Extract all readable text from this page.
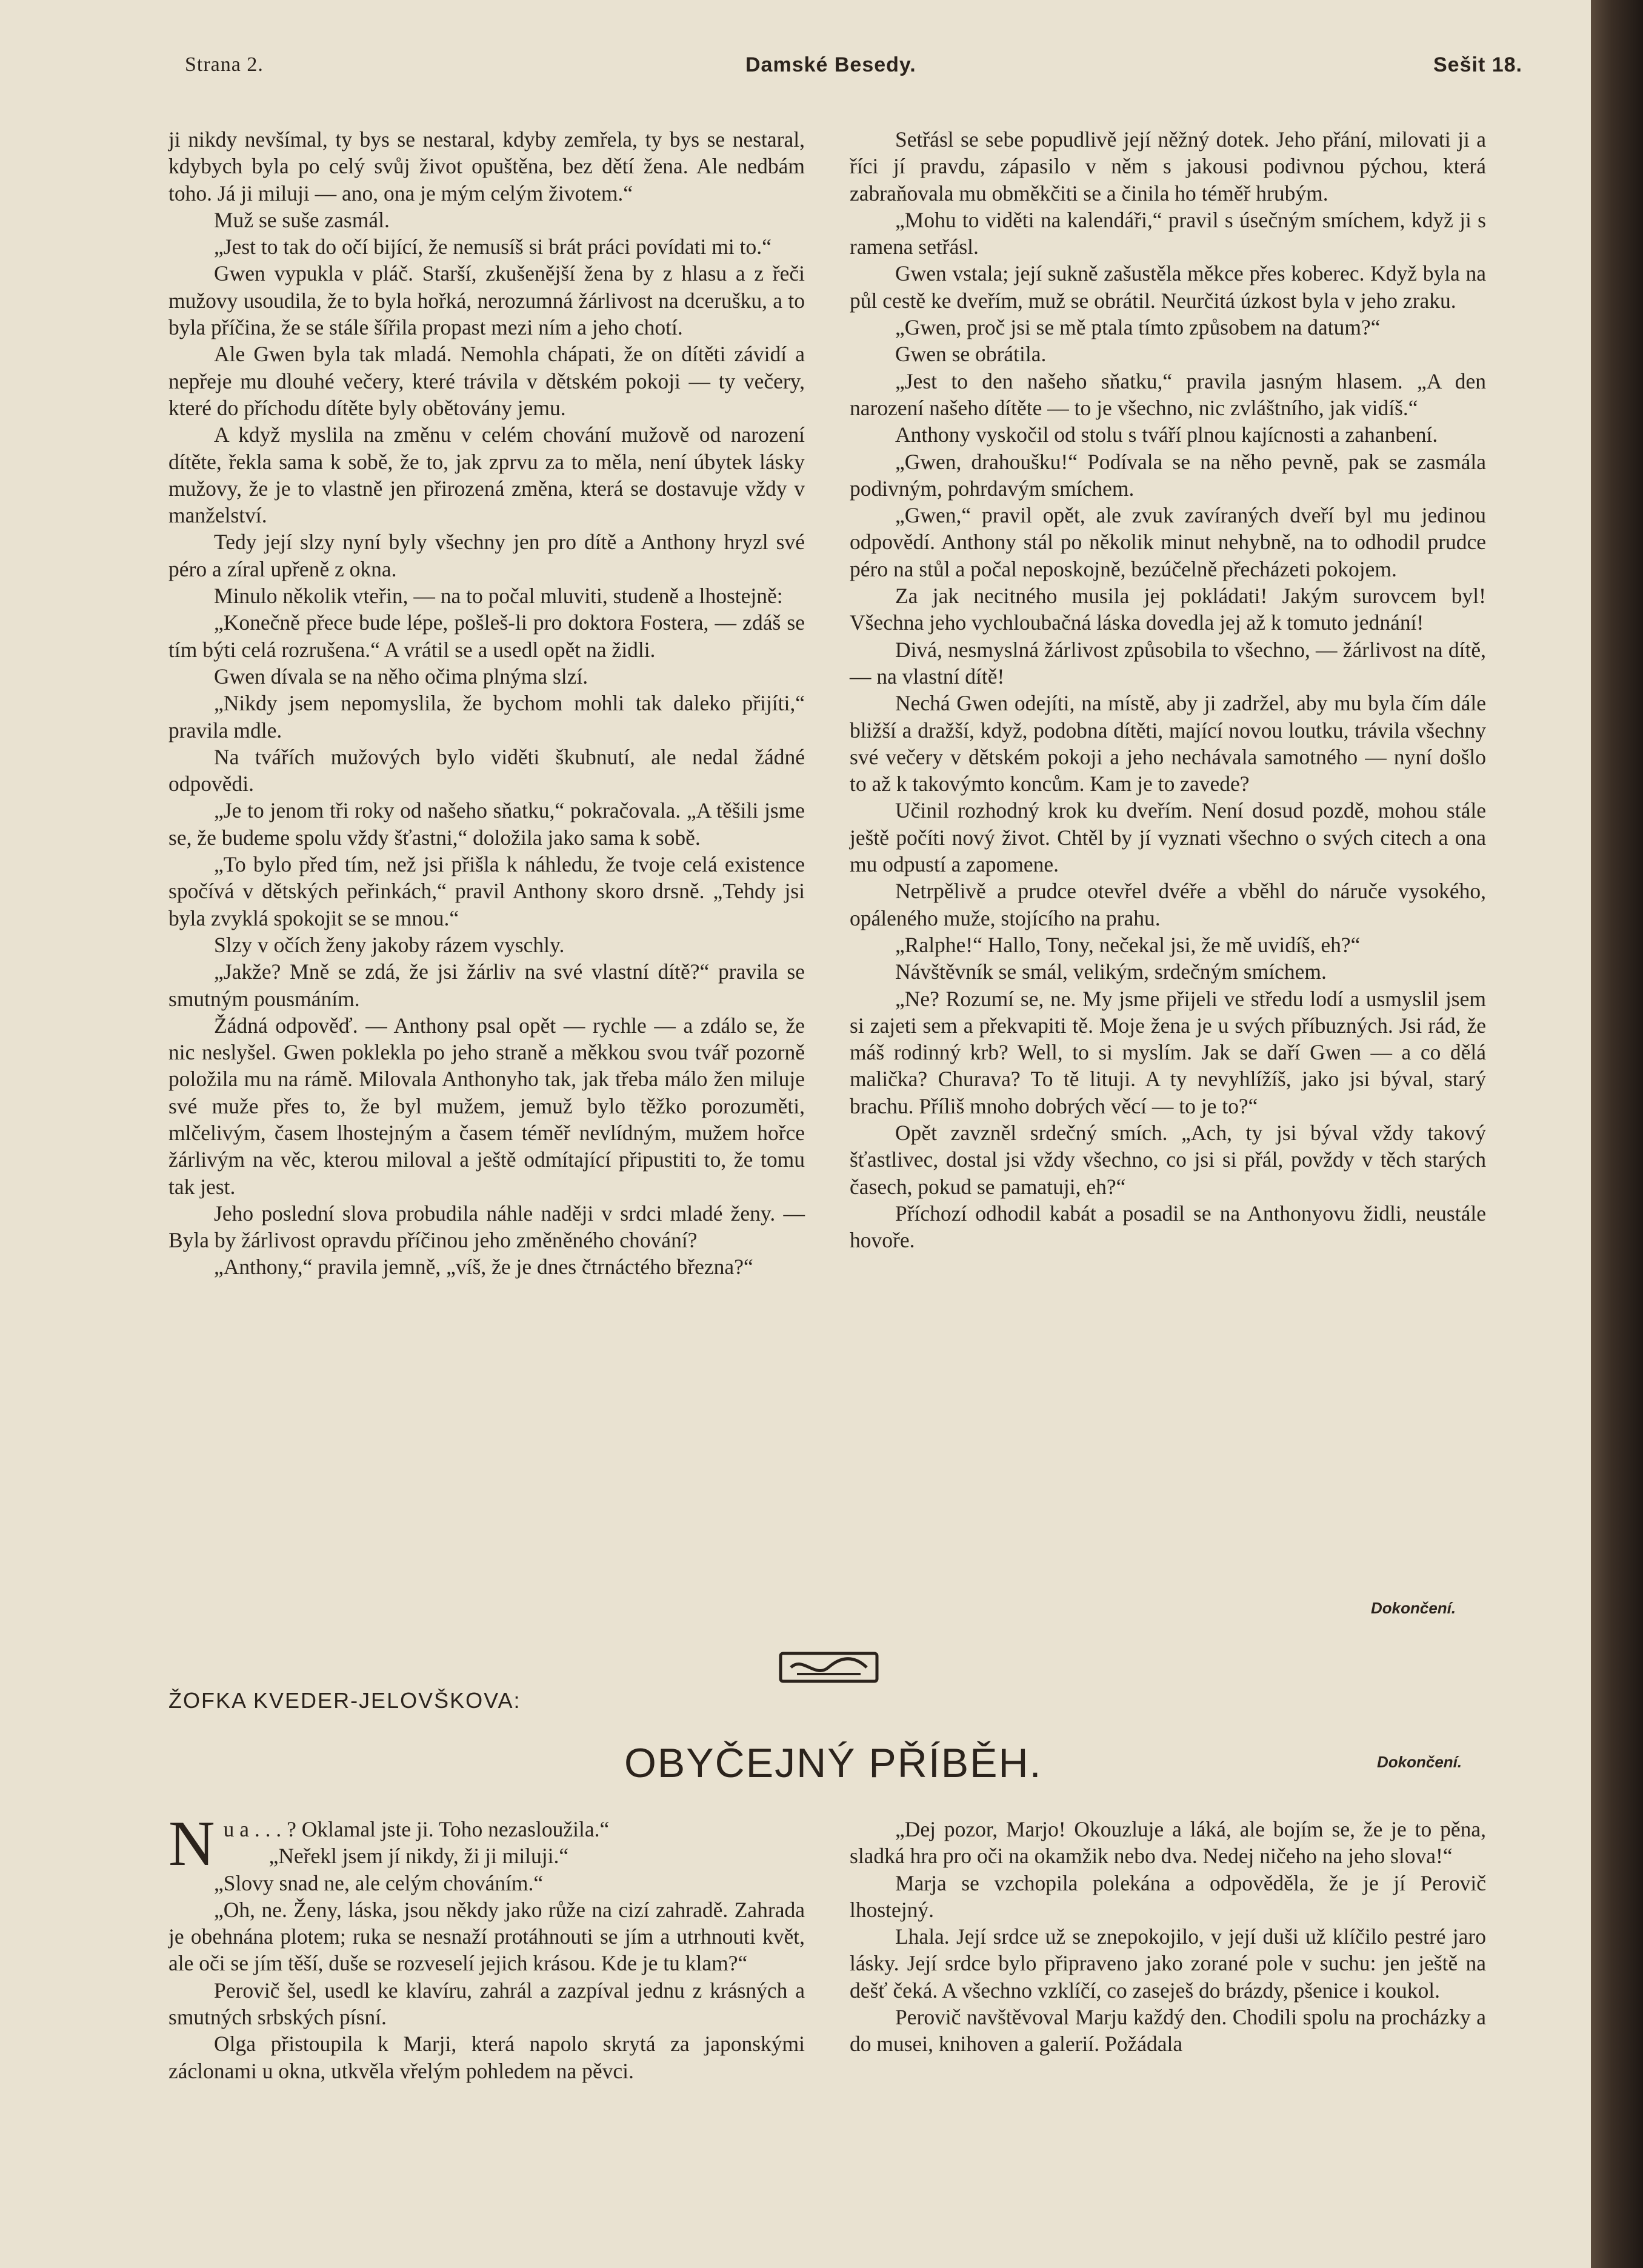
Strana 2.	Damské Besedy.	Sešit 18.

ji nikdy nevšímal, ty bys se nestaral, kdyby zemřela, ty bys se nestaral, kdybych byla po celý svůj život opuštěna, bez dětí žena. Ale nedbám toho. Já ji miluji — ano, ona je mým celým životem.“

Muž se suše zasmál.

„Jest to tak do očí bijící, že nemusíš si brát práci povídati mi to.“

Gwen vypukla v pláč. Starší, zkušenější žena by z hlasu a z řeči mužovy usoudila, že to byla hořká, nerozumná žárlivost na dcerušku, a to byla příčina, že se stále šířila propast mezi ním a jeho chotí.

Ale Gwen byla tak mladá. Nemohla chápati, že on dítěti závidí a nepřeje mu dlouhé večery, které trávila v dětském pokoji — ty večery, které do příchodu dítěte byly obětovány jemu.

A když myslila na změnu v celém chování mužově od narození dítěte, řekla sama k sobě, že to, jak zprvu za to měla, není úbytek lásky mužovy, že je to vlastně jen přirozená změna, která se dostavuje vždy v manželství.

Tedy její slzy nyní byly všechny jen pro dítě a Anthony hryzl své péro a zíral upřeně z okna.

Minulo několik vteřin, — na to počal mluviti, studeně a lhostejně:

„Konečně přece bude lépe, pošleš-li pro doktora Fostera, — zdáš se tím býti celá rozrušena.“ A vrátil se a usedl opět na židli.

Gwen dívala se na něho očima plnýma slzí.

„Nikdy jsem nepomyslila, že bychom mohli tak daleko přijíti,“ pravila mdle.

Na tvářích mužových bylo viděti škubnutí, ale nedal žádné odpovědi.

„Je to jenom tři roky od našeho sňatku,“ pokračovala. „A těšili jsme se, že budeme spolu vždy šťastni,“ doložila jako sama k sobě.

„To bylo před tím, než jsi přišla k náhledu, že tvoje celá existence spočívá v dětských peřinkách,“ pravil Anthony skoro drsně. „Tehdy jsi byla zvyklá spokojit se se mnou.“

Slzy v očích ženy jakoby rázem vyschly.

„Jakže? Mně se zdá, že jsi žárliv na své vlastní dítě?“ pravila se smutným pousmáním.

Žádná odpověď. — Anthony psal opět — rychle — a zdálo se, že nic neslyšel. Gwen poklekla po jeho straně a měkkou svou tvář pozorně položila mu na rámě. Milovala Anthonyho tak, jak třeba málo žen miluje své muže přes to, že byl mužem, jemuž bylo těžko porozuměti, mlčelivým, časem lhostejným a časem téměř nevlídným, mužem hořce žárlivým na věc, kterou miloval a ještě odmítající připustiti to, že tomu tak jest.

Jeho poslední slova probudila náhle naději v srdci mladé ženy. — Byla by žárlivost opravdu příčinou jeho změněného chování?

„Anthony,“ pravila jemně, „víš, že je dnes čtrnáctého března?“

Setřásl se sebe popudlivě její něžný dotek. Jeho přání, milovati ji a říci jí pravdu, zápasilo v něm s jakousi podivnou pýchou, která zabraňovala mu obměkčiti se a činila ho téměř hrubým.

„Mohu to viděti na kalendáři,“ pravil s úsečným smíchem, když ji s ramena setřásl.

Gwen vstala; její sukně zašustěla měkce přes koberec. Když byla na půl cestě ke dveřím, muž se obrátil. Neurčitá úzkost byla v jeho zraku.

„Gwen, proč jsi se mě ptala tímto způsobem na datum?“

Gwen se obrátila.

„Jest to den našeho sňatku,“ pravila jasným hlasem. „A den narození našeho dítěte — to je všechno, nic zvláštního, jak vidíš.“

Anthony vyskočil od stolu s tváří plnou kajícnosti a zahanbení.

„Gwen, drahoušku!“ Podívala se na něho pevně, pak se zasmála podivným, pohrdavým smíchem.

„Gwen,“ pravil opět, ale zvuk zavíraných dveří byl mu jedinou odpovědí. Anthony stál po několik minut nehybně, na to odhodil prudce péro na stůl a počal neposkojně, bezúčelně přecházeti pokojem.

Za jak necitného musila jej pokládati! Jakým surovcem byl! Všechna jeho vychloubačná láska dovedla jej až k tomuto jednání!

Divá, nesmyslná žárlivost způsobila to všechno, — žárlivost na dítě, — na vlastní dítě!

Nechá Gwen odejíti, na místě, aby ji zadržel, aby mu byla čím dále bližší a dražší, když, podobna dítěti, mající novou loutku, trávila všechny své večery v dětském pokoji a jeho nechávala samotného — nyní došlo to až k takovýmto koncům. Kam je to zavede?

Učinil rozhodný krok ku dveřím. Není dosud pozdě, mohou stále ještě počíti nový život. Chtěl by jí vyznati všechno o svých citech a ona mu odpustí a zapomene.

Netrpělivě a prudce otevřel dvéře a vběhl do náruče vysokého, opáleného muže, stojícího na prahu.

„Ralphe!“ Hallo, Tony, nečekal jsi, že mě uvidíš, eh?“

Návštěvník se smál, velikým, srdečným smíchem.

„Ne? Rozumí se, ne. My jsme přijeli ve středu lodí a usmyslil jsem si zajeti sem a překvapiti tě. Moje žena je u svých příbuzných. Jsi rád, že máš rodinný krb? Well, to si myslím. Jak se daří Gwen — a co dělá malička? Churava? To tě lituji. A ty nevyhlížíš, jako jsi býval, starý brachu. Příliš mnoho dobrých věcí — to je to?“

Opět zavzněl srdečný smích. „Ach, ty jsi býval vždy takový šťastlivec, dostal jsi vždy všechno, co jsi si přál, povždy v těch starých časech, pokud se pamatuji, eh?“

Příchozí odhodil kabát a posadil se na Anthonyovu židli, neustále hovoře.

Dokončení.
ŽOFKA KVEDER-JELOVŠKOVA:
OBYČEJNÝ PŘÍBĚH.	Dokončení.

Nu a . . . ? Oklamal jste ji. Toho nezasloužila.“

„Neřekl jsem jí nikdy, ži ji miluji.“

„Slovy snad ne, ale celým chováním.“

„Oh, ne. Ženy, láska, jsou někdy jako růže na cizí zahradě. Zahrada je obehnána plotem; ruka se nesnaží protáhnouti se jím a utrhnouti květ, ale oči se jím těší, duše se rozveselí jejich krásou. Kde je tu klam?“

Perovič šel, usedl ke klavíru, zahrál a zazpíval jednu z krásných a smutných srbských písní.

Olga přistoupila k Marji, která napolo skrytá za japonskými záclonami u okna, utkvěla vřelým pohledem na pěvci.

„Dej pozor, Marjo! Okouzluje a láká, ale bojím se, že je to pěna, sladká hra pro oči na okamžik nebo dva. Nedej ničeho na jeho slova!“

Marja se vzchopila polekána a odpověděla, že je jí Perovič lhostejný.

Lhala. Její srdce už se znepokojilo, v její duši už klíčilo pestré jaro lásky. Její srdce bylo připraveno jako zorané pole v suchu: jen ještě na dešť čeká. A všechno vzklíčí, co zaseješ do brázdy, pšenice i koukol.

Perovič navštěvoval Marju každý den. Chodili spolu na procházky a do musei, knihoven a galerií. Požádala
